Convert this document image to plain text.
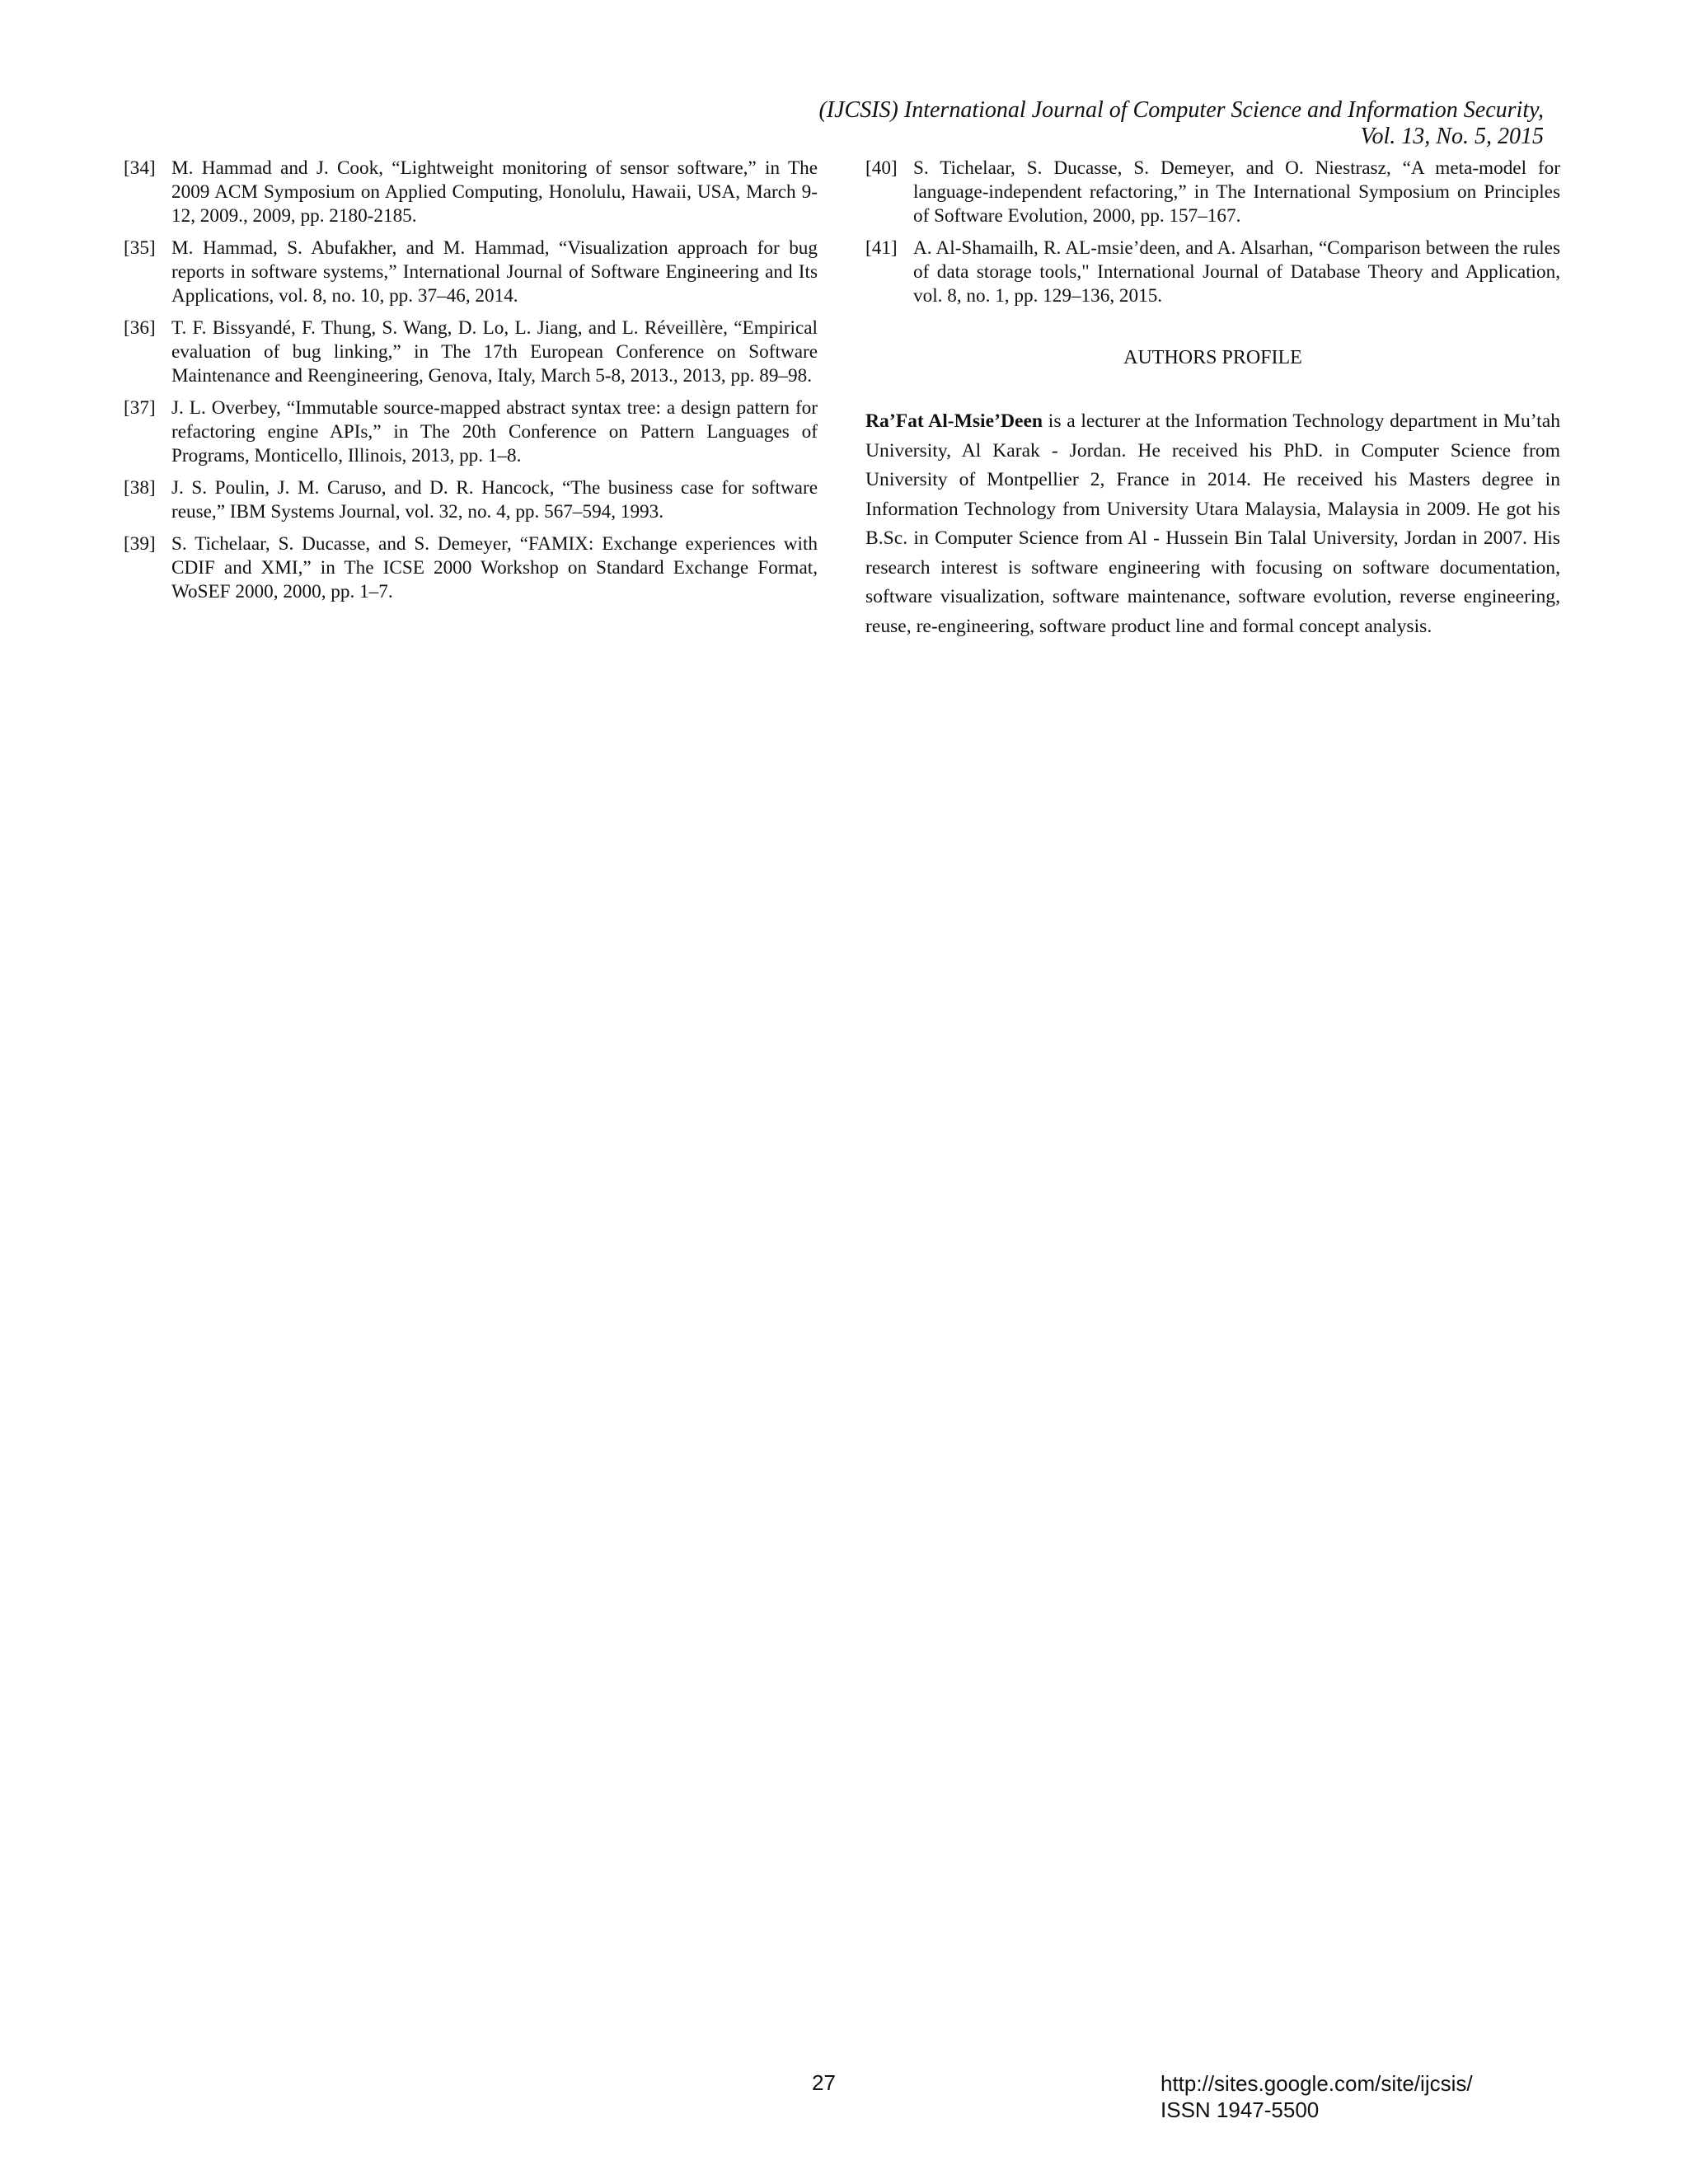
(IJCSIS) International Journal of Computer Science and Information Security,
Vol. 13, No. 5, 2015
[34] M. Hammad and J. Cook, “Lightweight monitoring of sensor software,” in The 2009 ACM Symposium on Applied Computing, Honolulu, Hawaii, USA, March 9-12, 2009., 2009, pp. 2180-2185.
[35] M. Hammad, S. Abufakher, and M. Hammad, “Visualization approach for bug reports in software systems,” International Journal of Software Engineering and Its Applications, vol. 8, no. 10, pp. 37–46, 2014.
[36] T. F. Bissyandé, F. Thung, S. Wang, D. Lo, L. Jiang, and L. Réveillère, “Empirical evaluation of bug linking,” in The 17th European Conference on Software Maintenance and Reengineering, Genova, Italy, March 5-8, 2013., 2013, pp. 89–98.
[37] J. L. Overbey, “Immutable source-mapped abstract syntax tree: a design pattern for refactoring engine APIs,” in The 20th Conference on Pattern Languages of Programs, Monticello, Illinois, 2013, pp. 1–8.
[38] J. S. Poulin, J. M. Caruso, and D. R. Hancock, “The business case for software reuse,” IBM Systems Journal, vol. 32, no. 4, pp. 567–594, 1993.
[39] S. Tichelaar, S. Ducasse, and S. Demeyer, “FAMIX: Exchange experiences with CDIF and XMI,” in The ICSE 2000 Workshop on Standard Exchange Format, WoSEF 2000, 2000, pp. 1–7.
[40] S. Tichelaar, S. Ducasse, S. Demeyer, and O. Niestrasz, “A meta-model for language-independent refactoring,” in The International Symposium on Principles of Software Evolution, 2000, pp. 157–167.
[41] A. Al-Shamailh, R. AL-msie’deen, and A. Alsarhan, “Comparison between the rules of data storage tools," International Journal of Database Theory and Application, vol. 8, no. 1, pp. 129–136, 2015.
AUTHORS PROFILE
Ra’Fat Al-Msie’Deen is a lecturer at the Information Technology department in Mu’tah University, Al Karak - Jordan. He received his PhD. in Computer Science from University of Montpellier 2, France in 2014. He received his Masters degree in Information Technology from University Utara Malaysia, Malaysia in 2009. He got his B.Sc. in Computer Science from Al - Hussein Bin Talal University, Jordan in 2007. His research interest is software engineering with focusing on software documentation, software visualization, software maintenance, software evolution, reverse engineering, reuse, re-engineering, software product line and formal concept analysis.
27	http://sites.google.com/site/ijcsis/
ISSN 1947-5500
